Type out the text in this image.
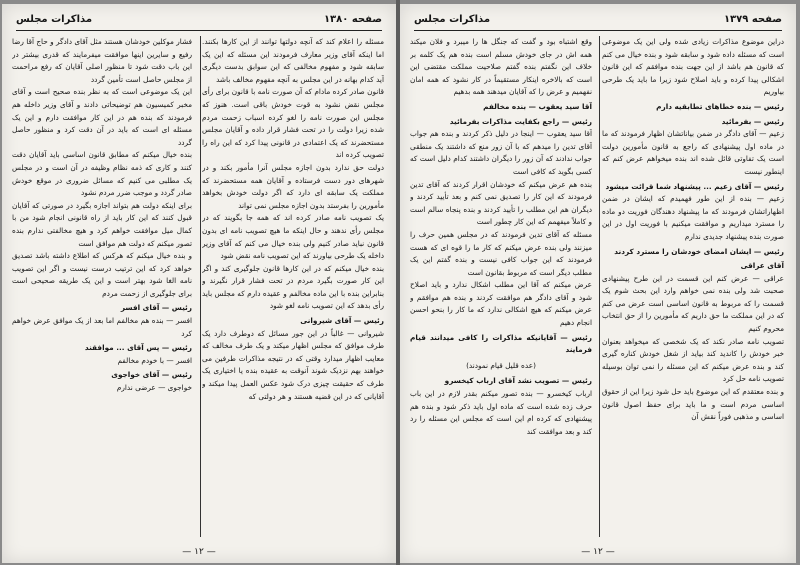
صفحه ۱۳۸۰
مذاکرات مجلس

مسئله را اعلام کند که آنچه دولتها توانند از این کارها بکنند. اما اینکه آقای وزیر معارف فرمودند این مسئله که این یک سابقه شود و مفهوم مخالفی که این سوابق بدست دیگری آید کدام بهانه در این مجلس به آنچه مفهوم مخالف باشد

قانون صادر کرده مادام که آن صورت نامه با قانون برای رأی مجلس نقض نشود به قوت خودش باقی است. هنوز که مجلس این صورت نامه را لغو کرده اسباب زحمت مردم شده زیرا دولت را در تحت فشار قرار داده و آقایان مجلس مستحضرند که یک اعتمادی در قانونی پیدا کرد که این راه را تصویب کرده اند

دولت حق ندارد بدون اجازه مجلس آنرا مأمور بکند و در شهرهای دور دست فرستاده و آقایان همه مستحضرند که مملکت یک سابقه ای دارد که اگر دولت خودش بخواهد مأمورین را بفرستد بدون اجازه مجلس نمی تواند

یک تصویب نامه صادر کرده اند که همه جا بگویند که در مجلس رأی ندهند و حال اینکه ما هیچ تصویب نامه ای بدون قانون نباید صادر کنیم ولی بنده خیال می کنم که آقای وزیر داخله یک طرحی بیاورند که این تصویب نامه نقض شود

بنده خیال میکنم که در این کارها قانون جلوگیری کند و اگر این کار صورت بگیرد مردم در تحت فشار قرار نگیرند و بنابراین بنده با این ماده مخالفم و عقیده دارم که مجلس باید رأی بدهد که این تصویب نامه لغو شود

رئیس — آقای شیروانی

شیروانی — غالباً در این جور مسائل که دوطرف دارد یک طرف موافق که مجلس اظهار میکند و یک طرف مخالف که معایب اظهار میدارد وقتی که در نتیجه مذاکرات طرفین می خواهند بهم نزدیک شوند آنوقت به عقیده بنده یا اختیاری یک طرف که حقیقت چیزی درک شود عکس العمل پیدا میکند و آقایانی که در این قضیه هستند و هر دولتی که

فشار موکلین خودشان هستند مثل آقای دادگر و حاج آقا رضا رفیع و سایرین اینها موافقت میفرمایند که قدری بیشتر در این باب دقت شود تا منظور اصلی آقایان که رفع مراحمت از مجلس حاصل است تأمین گردد

این یک موضوعی است که به نظر بنده صحیح است و آقای مخبر کمیسیون هم توضیحاتی دادند و آقای وزیر داخله هم فرمودند که بنده هم در این کار موافقت دارم و این یک مسئله ای است که باید در آن دقت کرد و منظور حاصل گردد

بنده خیال میکنم که مطابق قانون اساسی باید آقایان دقت کنند و کاری که ذمه نظام وظیفه در آن است و در مجلس یک مطلبی می کنیم که مسائل ضروری در موقع خودش صادر گردد و موجب ضرر مردم نشود

برای اینکه دولت هم بتواند اجازه بگیرد در صورتی که آقایان قبول کنند که این کار باید از راه قانونی انجام شود من با کمال میل موافقت خواهم کرد و هیچ مخالفتی ندارم بنده تصور میکنم که دولت هم موافق است

و بنده خیال میکنم که هرکس که اطلاع داشته باشد تصدیق خواهد کرد که این ترتیب درست نیست و اگر این تصویب نامه الغا شود بهتر است و این یک طریقه صحیحی است برای جلوگیری از زحمت مردم

رئیس — آقای افسر

افسر — بنده هم مخالفم اما بعد از یک موافق عرض خواهم کرد

رئیس — پس آقای ... موافقند

افسر — با خودم مخالفم

رئیس — آقای خواجوی

خواجوی — عرضی ندارم

— ۱۲ —
صفحه ۱۳۷۹
مذاکرات مجلس

دراین موضوع مذاکرات زیادی شده ولی این یک موضوعی است که مسئله داده شود و سابقه شود و بنده خیال می کنم که قانون هم باشد از این جهت بنده موافقم که این قانون اشکالی پیدا کرده و باید اصلاح شود زیرا ما باید یک طرحی بیاوریم

رئیس — بنده خطاهای تطابقیه دارم
رئیس — بفرمائید

زعیم — آقای دادگر در ضمن بیاناتشان اظهار فرمودند که ما در ماده اول پیشنهادی که راجع به قانون مأمورین دولت است یک تفاوتی قائل شده اند بنده میخواهم عرض کنم که اینطور نیست

رئیس — آقای زعیم ... پیشنهاد شما قرائت میشود

زعیم — بنده از این طور فهمیدم که ایشان در ضمن اظهاراتشان فرمودند که ما پیشنهاد دهندگان فوریت دو ماده را مسترد میداریم و موافقت میکنیم با فوریت اول در این صورت بنده پیشنهاد جدیدی ندارم

رئیس — ایشان امضای خودشان را مسترد کردند
آقای عراقی

عراقی — عرض کنم این قسمت در این طرح پیشنهادی صحبت شد ولی بنده نمی خواهم وارد این بحث شوم یک قسمت را که مربوط به قانون اساسی است عرض می کنم که در این مملکت ما حق داریم که مأمورین را از حق انتخاب محروم کنیم

تصویب نامه صادر نکند که یک شخصی که میخواهد بعنوان خبر خودش را کاندید کند بیاید از شغل خودش کناره گیری کند و بنده عرض میکنم که این مسئله را نمی توان بوسیله تصویب نامه حل کرد

و بنده معتقدم که این موضوع باید حل شود زیرا این از حقوق اساسی مردم است و ما باید برای حفظ اصول قانون اساسی و مذهبی فوراً نقش آن

وقع اشتباه بود و گفت که جنگل ها را میبرد و فلان میکند همه اش در جای خودش مسلم است بنده هم یک کلمه بر خلاف این نگفتم بنده گفتم صلاحیت مملکت مقتضی این است که بالاخره اینکار مستقیماً در کار نشود که همه امان نفهمیم و عرض را که آقایان میدهند همه بدهیم

آقا سید یعقوب — بنده مخالفم
رئیس — راجع بکفایت مذاکرات بفرمائید

آقا سید یعقوب — اینجا در دلیل ذکر کردند و بنده هم جواب آقای تدین را میدهم که با آن زور منع که داشتند یک منطقی جواب ندادند که آن زور را دیگران داشتند کدام دلیل است که کسی بگوید که کافی است

بنده هم عرض میکنم که خودشان اقرار کردند که آقای تدین فرمودند که این کار را تصدیق نمی کنم و بعد تأیید کردند و دیگران هم این مطلب را تأیید کردند و بنده پنجاه سالم است و کاملاً میفهمم که این کار چطور است

مسئله که آقای تدین فرمودند که در مجلس همین حرف را میزنند ولی بنده عرض میکنم که کار ما را قوه ای که هست فرمودند که این جواب کافی نیست و بنده گفتم این یک مطلب دیگر است که مربوط بقانون است

عرض میکنم که آقا این مطلب اشکال ندارد و باید اصلاح شود و آقای دادگر هم موافقت کردند و بنده هم موافقم و عرض میکنم که هیچ اشکالی ندارد که ما کار را بنحو احسن انجام دهیم

رئیس — آقایانیکه مذاکرات را کافی میدانند قیام فرمایند
(عده قلیل قیام نمودند)
رئیس — تصویب نشد آقای ارباب کیخسرو

ارباب کیخسرو — بنده تصور میکنم بقدر لازم در این باب حرف زده شده است که ماده اول باید ذکر شود و بنده هم پیشنهادی که کرده ام این است که مجلس این مسئله را رد کند و بعد موافقت کند

— ۱۲ —
